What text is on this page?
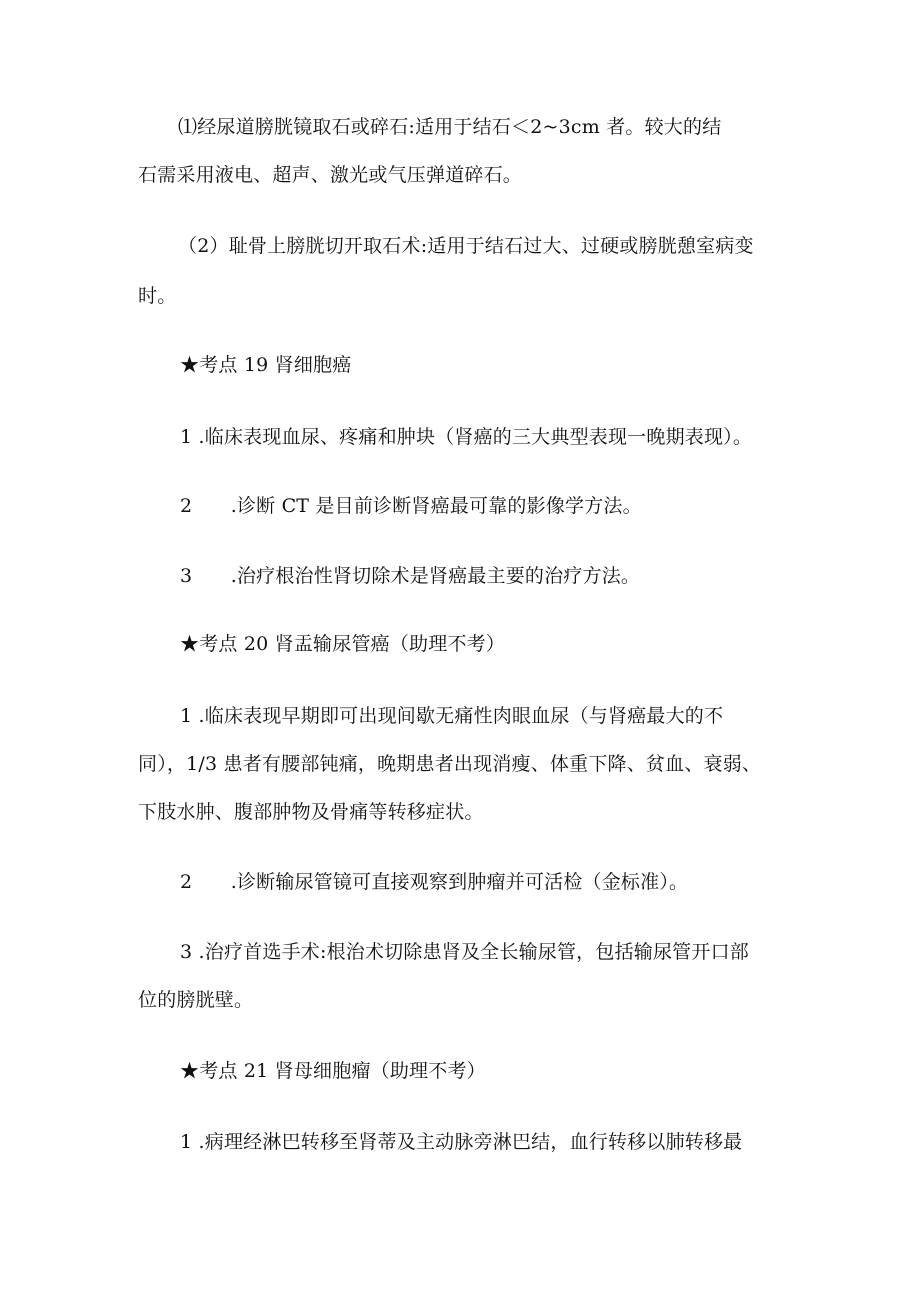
⑴经尿道膀胱镜取石或碎石:适用于结石＜2~3cm 者。较大的结
石需采用液电、超声、激光或气压弹道碎石。
（2）耻骨上膀胱切开取石术:适用于结石过大、过硬或膀胱憩室病变
时。
★考点 19 肾细胞癌
1 .临床表现血尿、疼痛和肿块（肾癌的三大典型表现一晚期表现）。
2　　.诊断 CT 是目前诊断肾癌最可靠的影像学方法。
3　　.治疗根治性肾切除术是肾癌最主要的治疗方法。
★考点 20 肾盂输尿管癌（助理不考）
1 .临床表现早期即可出现间歇无痛性肉眼血尿（与肾癌最大的不
同），1/3 患者有腰部钝痛，晚期患者出现消瘦、体重下降、贫血、衰弱、
下肢水肿、腹部肿物及骨痛等转移症状。
2　　.诊断输尿管镜可直接观察到肿瘤并可活检（金标准）。
3 .治疗首选手术:根治术切除患肾及全长输尿管，包括输尿管开口部
位的膀胱壁。
★考点 21 肾母细胞瘤（助理不考）
1 .病理经淋巴转移至肾蒂及主动脉旁淋巴结，血行转移以肺转移最
